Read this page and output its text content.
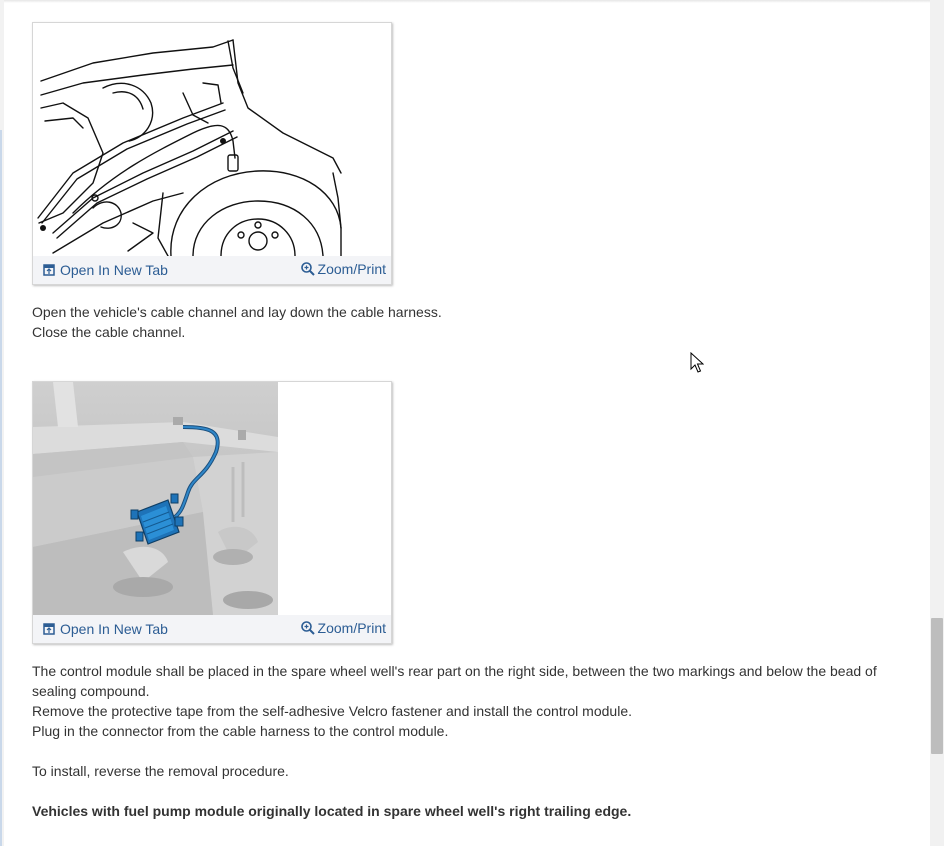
Open In New Tab	Zoom/Print
Open the vehicle's cable channel and lay down the cable harness.
Close the cable channel.
Open In New Tab	Zoom/Print
The control module shall be placed in the spare wheel well's rear part on the right side, between the two markings and below the bead of
sealing compound.
Remove the protective tape from the self-adhesive Velcro fastener and install the control module.
Plug in the connector from the cable harness to the control module.
To install, reverse the removal procedure.
Vehicles with fuel pump module originally located in spare wheel well's right trailing edge.
